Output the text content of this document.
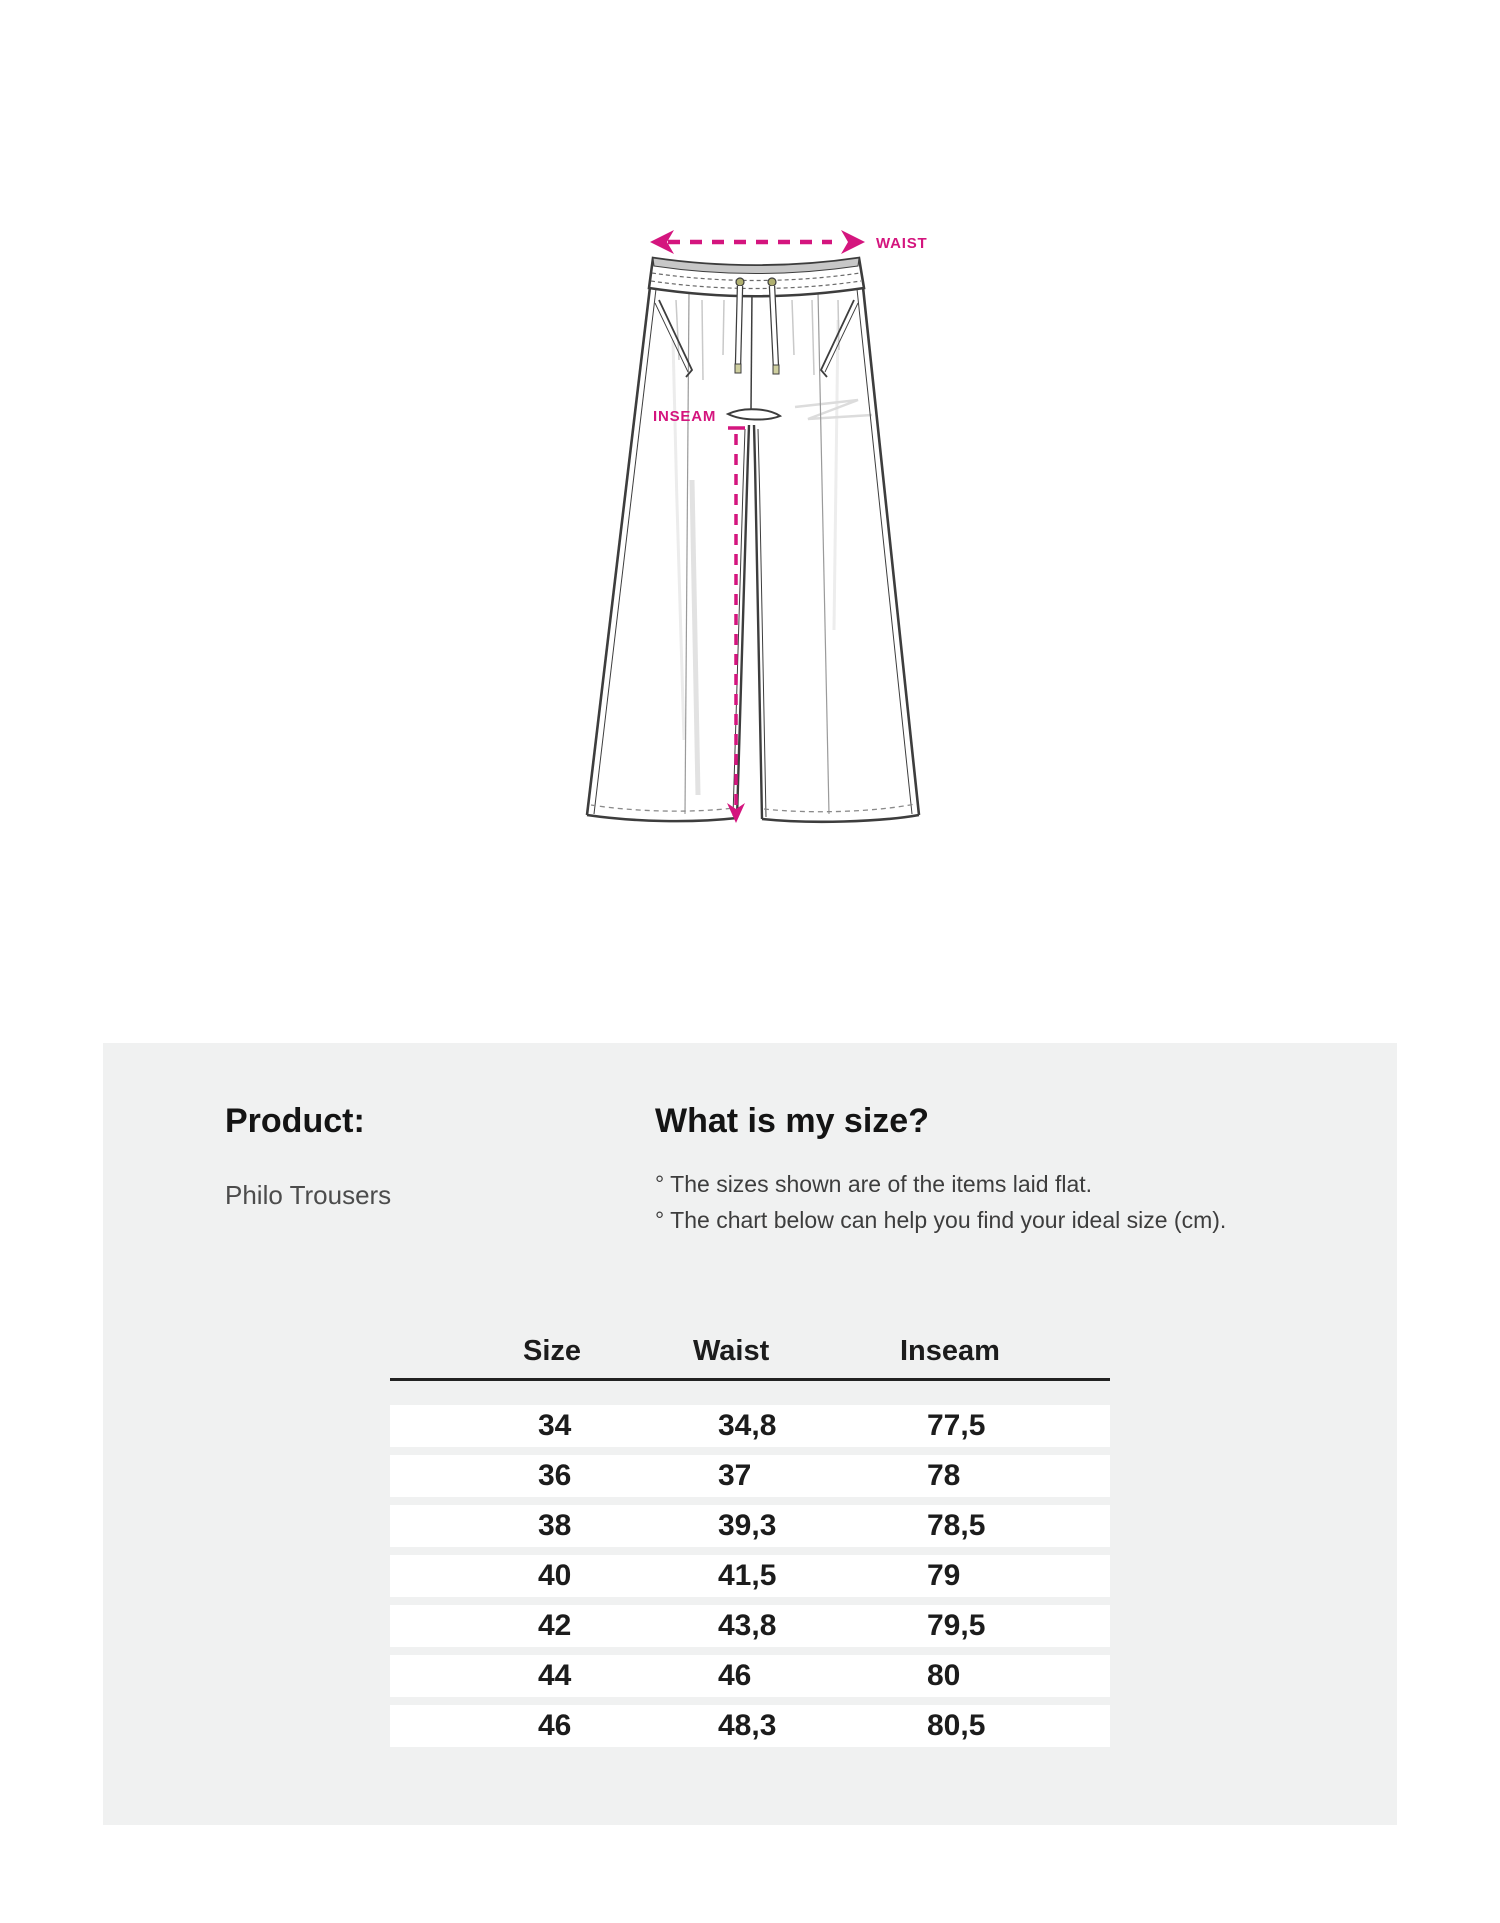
WAIST
INSEAM
Product:
Philo Trousers
What is my size?
° The sizes shown are of the items laid flat.
° The chart below can help you find your ideal size (cm).
Size	Waist	Inseam
34	34,8	77,5
36	37	78
38	39,3	78,5
40	41,5	79
42	43,8	79,5
44	46	80
46	48,3	80,5
